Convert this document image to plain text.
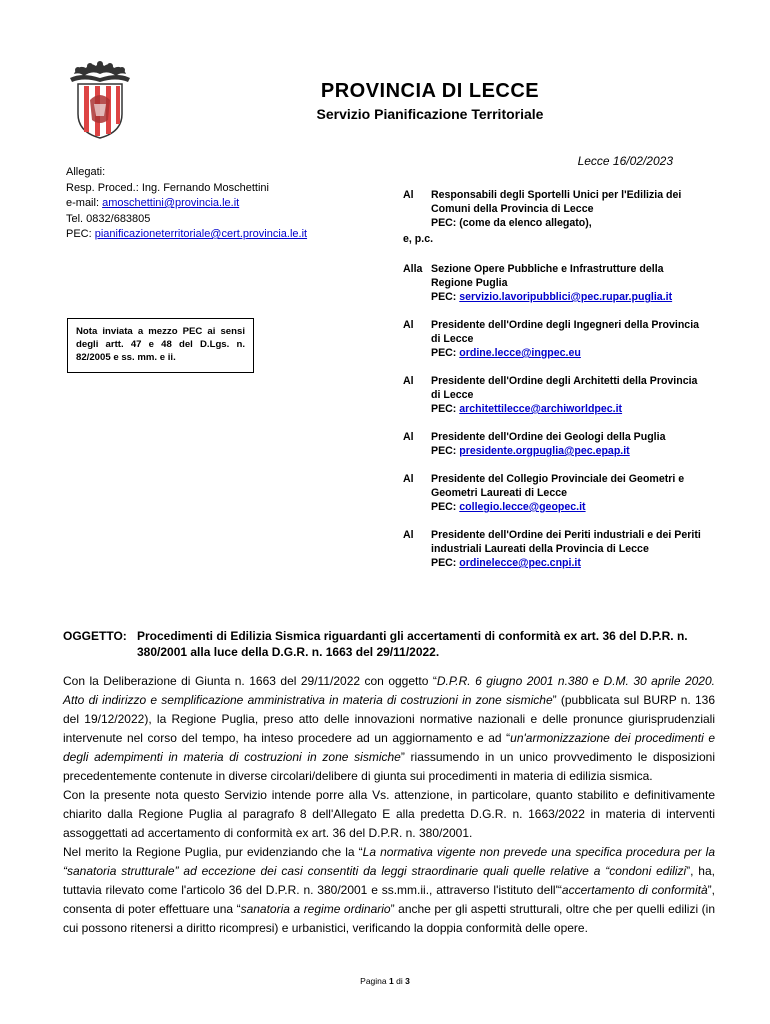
PROVINCIA DI LECCE
Servizio Pianificazione Territoriale
Lecce 16/02/2023
Allegati:
Resp. Proced.: Ing. Fernando Moschettini
e-mail: amoschettini@provincia.le.it
Tel. 0832/683805
PEC: pianificazioneterritoriale@cert.provincia.le.it
Nota inviata a mezzo PEC ai sensi degli artt. 47 e 48 del D.Lgs. n. 82/2005 e ss. mm. e ii.
Al Responsabili degli Sportelli Unici per l'Edilizia dei
Comuni della Provincia di Lecce
PEC: (come da elenco allegato),
e, p.c.
Alla Sezione Opere Pubbliche e Infrastrutture della
Regione Puglia
PEC: servizio.lavoripubblici@pec.rupar.puglia.it
Al Presidente dell'Ordine degli Ingegneri della Provincia
di Lecce
PEC: ordine.lecce@ingpec.eu
Al Presidente dell'Ordine degli Architetti della Provincia
di Lecce
PEC: architettilecce@archiworldpec.it
Al Presidente dell'Ordine dei Geologi della Puglia
PEC: presidente.orgpuglia@pec.epap.it
Al Presidente del Collegio Provinciale dei Geometri e
Geometri Laureati di Lecce
PEC: collegio.lecce@geopec.it
Al Presidente dell'Ordine dei Periti industriali e dei Periti
industriali Laureati della Provincia di Lecce
PEC: ordinelecce@pec.cnpi.it
OGGETTO: Procedimenti di Edilizia Sismica riguardanti gli accertamenti di conformità ex art. 36 del D.P.R. n. 380/2001 alla luce della D.G.R. n. 1663 del 29/11/2022.

Con la Deliberazione di Giunta n. 1663 del 29/11/2022 con oggetto “D.P.R. 6 giugno 2001 n.380 e D.M. 30 aprile 2020. Atto di indirizzo e semplificazione amministrativa in materia di costruzioni in zone sismiche” (pubblicata sul BURP n. 136 del 19/12/2022), la Regione Puglia, preso atto delle innovazioni normative nazionali e delle pronunce giurisprudenziali intervenute nel corso del tempo, ha inteso procedere ad un aggiornamento e ad “un'armonizzazione dei procedimenti e degli adempimenti in materia di costruzioni in zone sismiche” riassumendo in un unico provvedimento le disposizioni precedentemente contenute in diverse circolari/delibere di giunta sui procedimenti in materia di edilizia sismica.

Con la presente nota questo Servizio intende porre alla Vs. attenzione, in particolare, quanto stabilito e definitivamente chiarito dalla Regione Puglia al paragrafo 8 dell'Allegato E alla predetta D.G.R. n. 1663/2022 in materia di interventi assoggettati ad accertamento di conformità ex art. 36 del D.P.R. n. 380/2001.

Nel merito la Regione Puglia, pur evidenziando che la “La normativa vigente non prevede una specifica procedura per la “sanatoria strutturale” ad eccezione dei casi consentiti da leggi straordinarie quali quelle relative a “condoni edilizi”, ha, tuttavia rilevato come l'articolo 36 del D.P.R. n. 380/2001 e ss.mm.ii., attraverso l'istituto dell'“accertamento di conformità”, consenta di poter effettuare una “sanatoria a regime ordinario” anche per gli aspetti strutturali, oltre che per quelli edilizi (in cui possono ritenersi a diritto ricompresi) e urbanistici, verificando la doppia conformità delle opere.

Pagina 1 di 3
